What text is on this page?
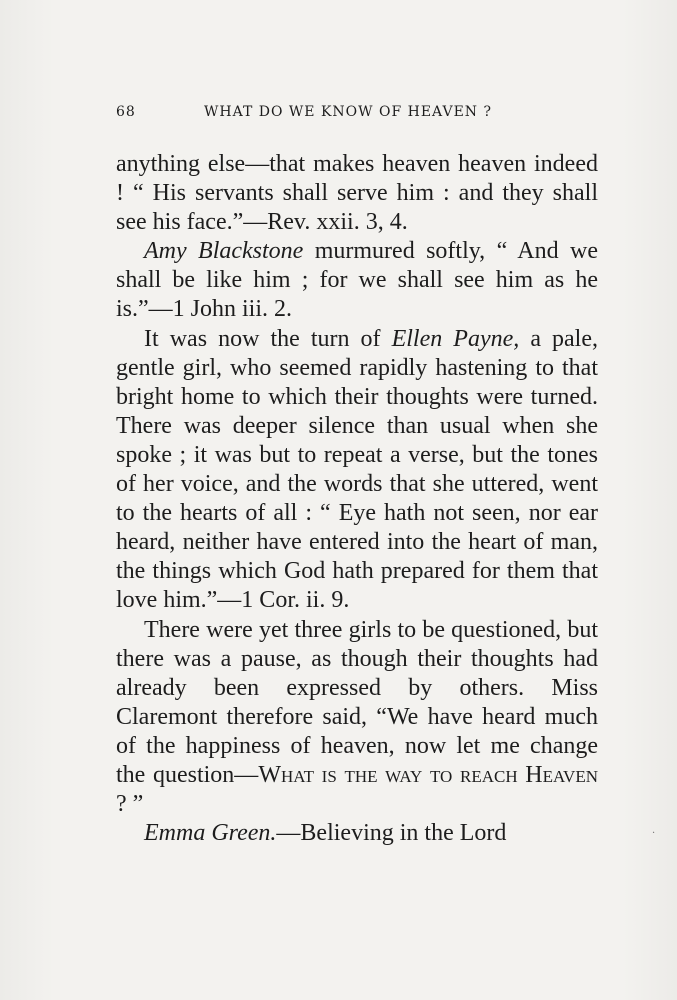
68	WHAT DO WE KNOW OF HEAVEN ?

anything else—that makes heaven heaven indeed ! “ His servants shall serve him : and they shall see his face.”—Rev. xxii. 3, 4.

Amy Blackstone murmured softly, “ And we shall be like him ; for we shall see him as he is.”—1 John iii. 2.

It was now the turn of Ellen Payne, a pale, gentle girl, who seemed rapidly hastening to that bright home to which their thoughts were turned. There was deeper silence than usual when she spoke ; it was but to repeat a verse, but the tones of her voice, and the words that she uttered, went to the hearts of all : “ Eye hath not seen, nor ear heard, neither have entered into the heart of man, the things which God hath prepared for them that love him.”—1 Cor. ii. 9.

There were yet three girls to be questioned, but there was a pause, as though their thoughts had already been expressed by others. Miss Claremont therefore said, “We have heard much of the happiness of heaven, now let me change the question—What is the way to reach Heaven ? ”

Emma Green.—Believing in the Lord	·
